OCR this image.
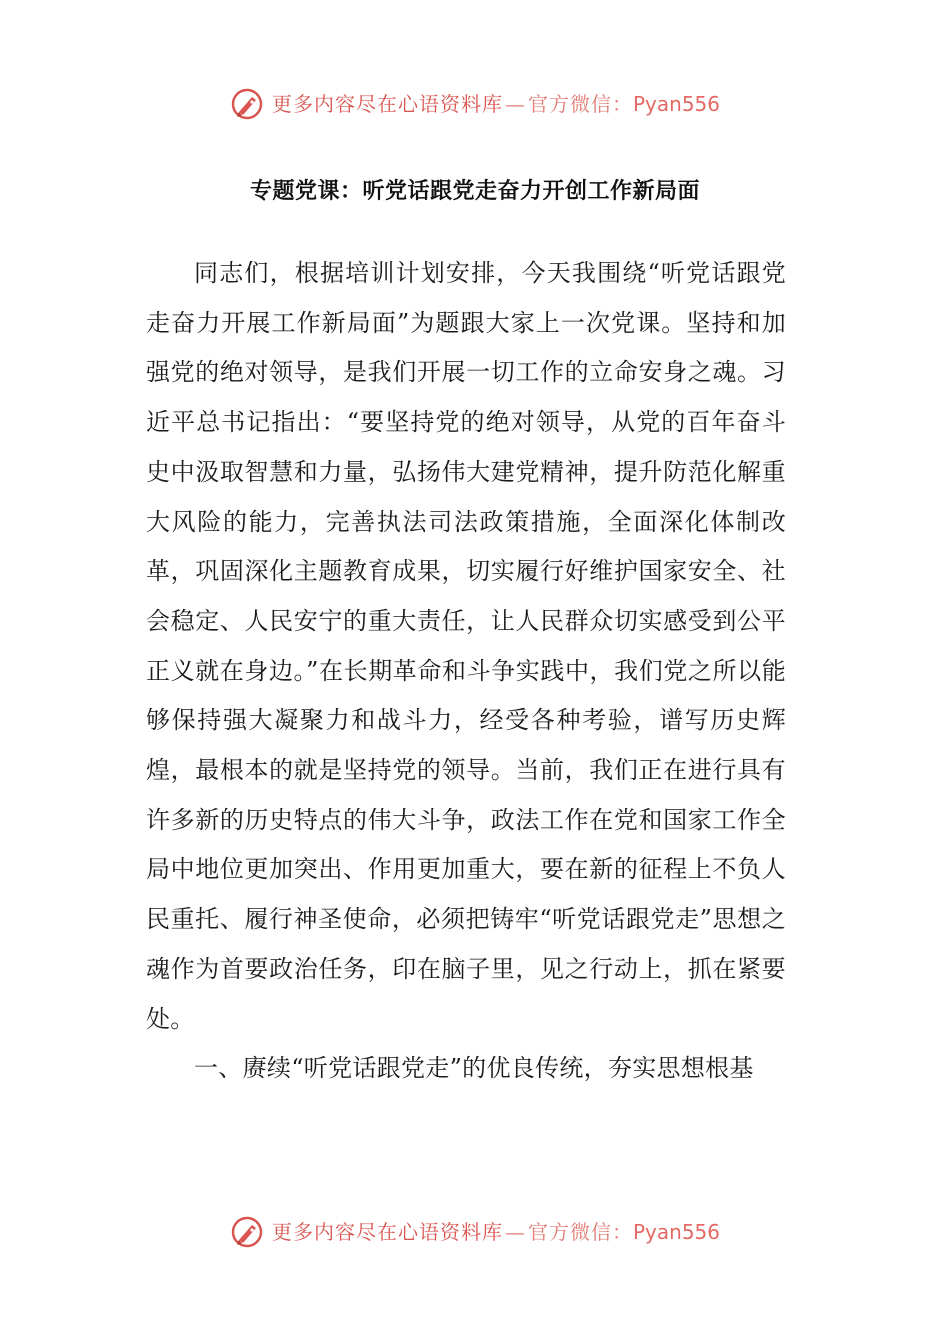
更多内容尽在心语资料库 — 官方微信： Pyan556
专题党课：听党话跟党走奋力开创工作新局面

同志们，根据培训计划安排，今天我围绕“听党话跟党走奋力开展工作新局面”为题跟大家上一次党课。坚持和加强党的绝对领导，是我们开展一切工作的立命安身之魂。习近平总书记指出：“要坚持党的绝对领导，从党的百年奋斗史中汲取智慧和力量，弘扬伟大建党精神，提升防范化解重大风险的能力，完善执法司法政策措施，全面深化体制改革，巩固深化主题教育成果，切实履行好维护国家安全、社会稳定、人民安宁的重大责任，让人民群众切实感受到公平正义就在身边。”在长期革命和斗争实践中，我们党之所以能够保持强大凝聚力和战斗力，经受各种考验，谱写历史辉煌，最根本的就是坚持党的领导。当前，我们正在进行具有许多新的历史特点的伟大斗争，政法工作在党和国家工作全局中地位更加突出、作用更加重大，要在新的征程上不负人民重托、履行神圣使命，必须把铸牢“听党话跟党走”思想之魂作为首要政治任务，印在脑子里，见之行动上，抓在紧要处。

一、赓续“听党话跟党走”的优良传统，夯实思想根基

更多内容尽在心语资料库 — 官方微信： Pyan556
